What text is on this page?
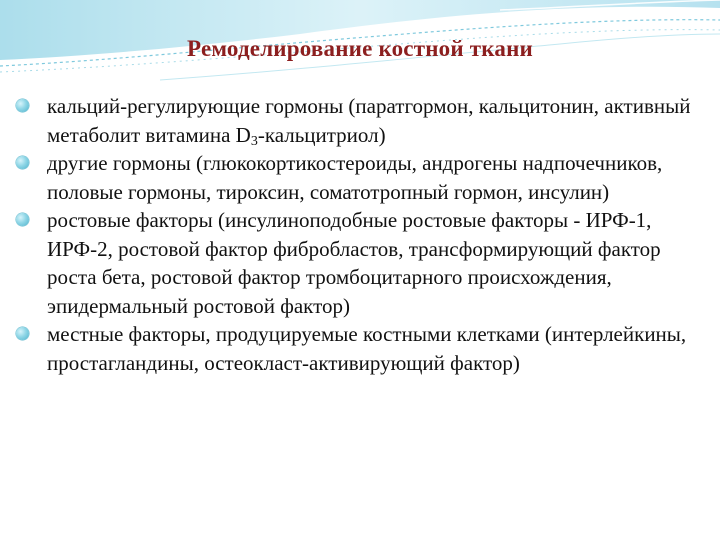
Ремоделирование костной ткани
кальций-регулирующие гормоны (паратгормон, кальцитонин, активный метаболит витамина $D_3-кальцитриол$)
другие гормоны (глюкокортикостероиды, андрогены надпочечников, половые гормоны, тироксин, соматотропный гормон, инсулин)
ростовые факторы (инсулиноподобные ростовые факторы - ИРФ-1, ИРФ-2, ростовой фактор фибробластов, трансформирующий фактор роста бета, ростовой фактор тромбоцитарного происхождения, эпидермальный ростовой фактор)
местные факторы, продуцируемые костными клетками (интерлейкины, простагландины, остеокласт-активирующий фактор)
